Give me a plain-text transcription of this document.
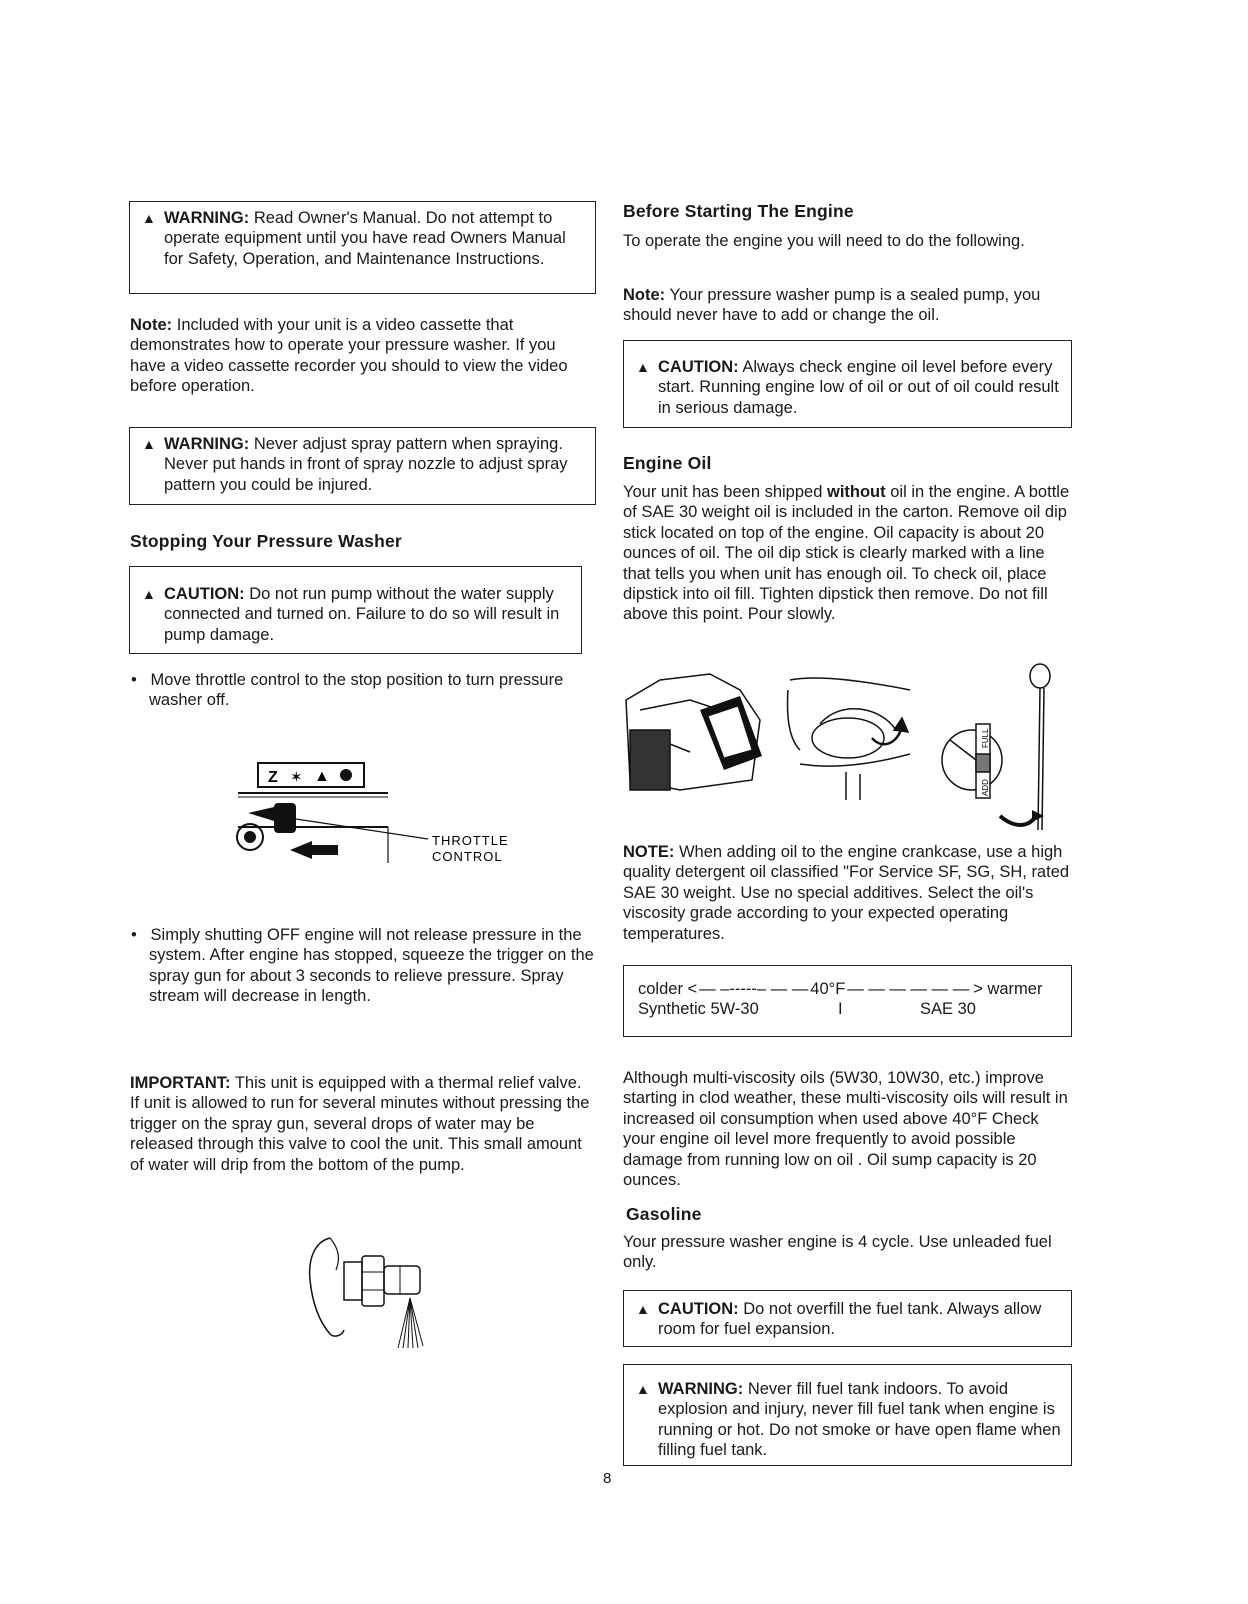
▲ WARNING: Read Owner's Manual. Do not attempt to operate equipment until you have read Owners Manual for Safety, Operation, and Maintenance Instructions.

Note: Included with your unit is a video cassette that demonstrates how to operate your pressure washer. If you have a video cassette recorder you should to view the video before operation.

▲ WARNING: Never adjust spray pattern when spraying. Never put hands in front of spray nozzle to adjust spray pattern you could be injured.
Stopping Your Pressure Washer
▲ CAUTION: Do not run pump without the water supply connected and turned on. Failure to do so will result in pump damage.

•   Move throttle control to the stop position to turn pressure washer off.

Z ✶ ▲
THROTTLE
CONTROL

•   Simply shutting OFF engine will not release pressure in the system. After engine has stopped, squeeze the trigger on the spray gun for about 3 seconds to relieve pressure. Spray stream will decrease in length.

IMPORTANT: This unit is equipped with a thermal relief valve. If unit is allowed to run for several minutes without pressing the trigger on the spray gun, several drops of water may be released through this valve to cool the unit. This small amount of water will drip from the bottom of the pump.

Before Starting The Engine

To operate the engine you will need to do the following.

Note: Your pressure washer pump is a sealed pump, you should never have to add or change the oil.

▲ CAUTION: Always check engine oil level before every start. Running engine low of oil or out of oil could result in serious damage.
Engine Oil

Your unit has been shipped without oil in the engine. A bottle of SAE 30 weight oil is included in the carton. Remove oil dip stick located on top of the engine. Oil capacity is about 20 ounces of oil. The oil dip stick is clearly marked with a line that tells you when unit has enough oil. To check oil, place dipstick into oil fill. Tighten dipstick then remove. Do not fill above this point. Pour slowly.

ADD
FULL

NOTE: When adding oil to the engine crankcase, use a high quality detergent oil classified "For Service SF, SG, SH, rated SAE 30 weight. Use no special additives. Select the oil's viscosity grade according to your expected operating temperatures.

colder < — –-----– — — 40°F — — — — — — > warmer
Synthetic 5W-30	I	SAE 30

Although multi-viscosity oils (5W30, 10W30, etc.) improve starting in clod weather, these multi-viscosity oils will result in increased oil consumption when used above 40°F Check your engine oil level more frequently to avoid possible damage from running low on oil . Oil sump capacity is 20 ounces.

Gasoline

Your pressure washer engine is 4 cycle. Use unleaded fuel only.

▲ CAUTION: Do not overfill the fuel tank. Always allow room for fuel expansion.
▲ WARNING: Never fill fuel tank indoors. To avoid explosion and injury, never fill fuel tank when engine is running or hot. Do not smoke or have open flame when filling fuel tank.
8
